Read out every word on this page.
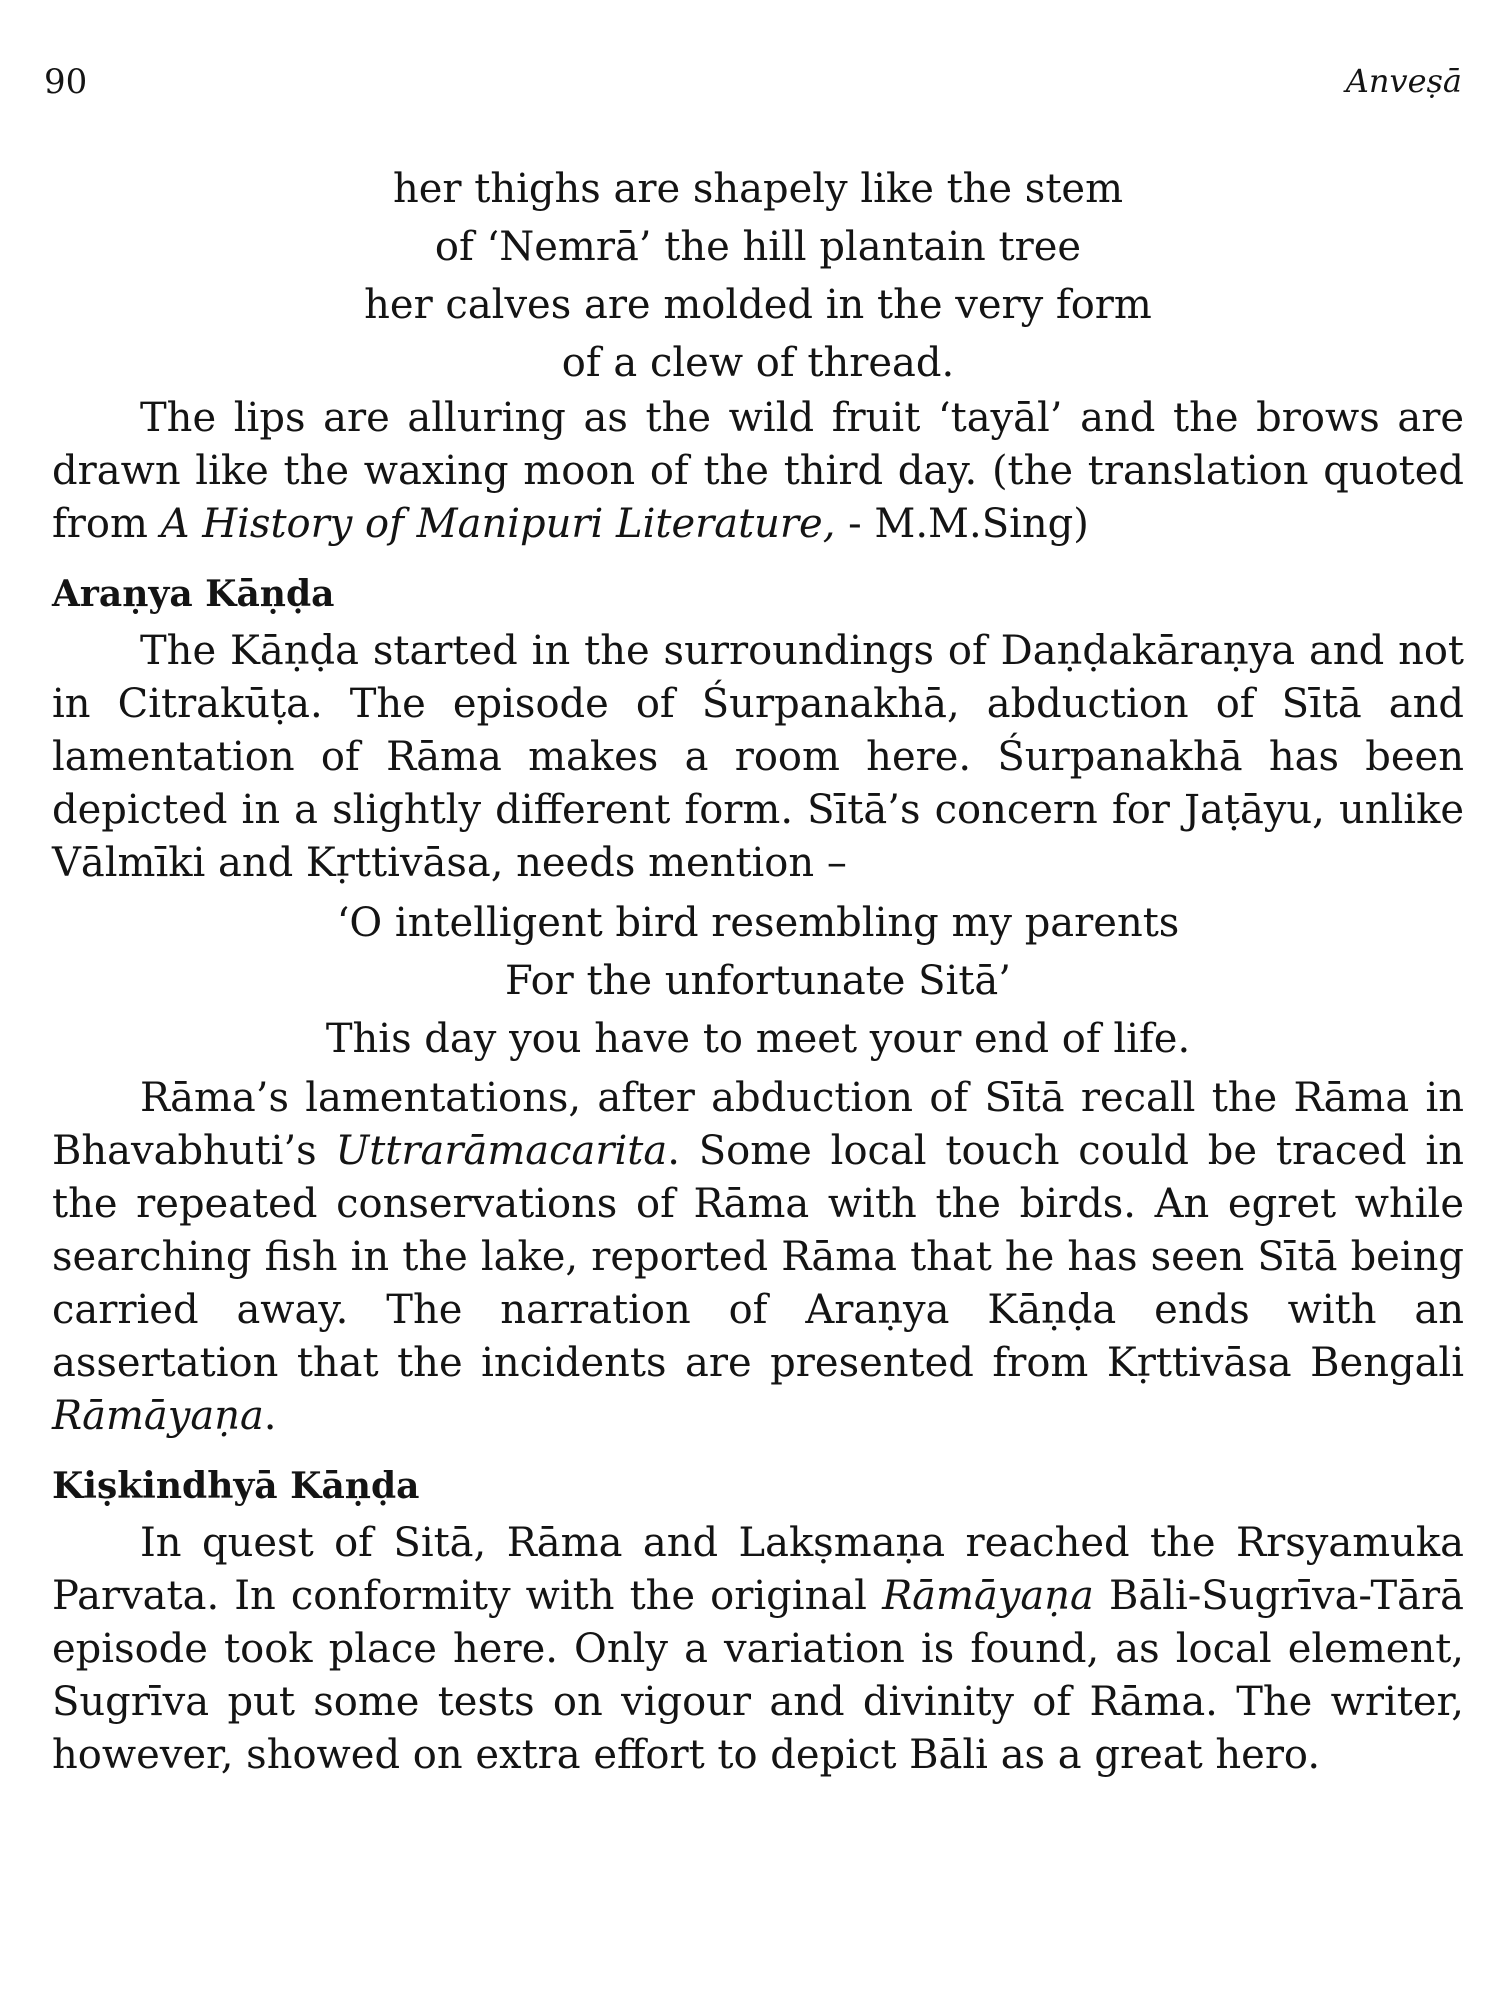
90	Anveṣā

her thighs are shapely like the stem
of ‘Nemrā’ the hill plantain tree
her calves are molded in the very form
of a clew of thread.

The lips are alluring as the wild fruit ‘tayāl’ and the brows are drawn like the waxing moon of the third day. (the translation quoted from A History of Manipuri Literature, - M.M.Sing)

Araṇya Kāṇḍa

The Kāṇḍa started in the surroundings of Daṇḍakāraṇya and not in Citrakūṭa. The episode of Śurpanakhā, abduction of Sītā and lamentation of Rāma makes a room here. Śurpanakhā has been depicted in a slightly different form. Sītā’s concern for Jaṭāyu, unlike Vālmīki and Kṛttivāsa, needs mention –

‘O intelligent bird resembling my parents
For the unfortunate Sitā’
This day you have to meet your end of life.

Rāma’s lamentations, after abduction of Sītā recall the Rāma in Bhavabhuti’s Uttrarāmacarita. Some local touch could be traced in the repeated conservations of Rāma with the birds. An egret while searching fish in the lake, reported Rāma that he has seen Sītā being carried away. The narration of Araṇya Kāṇḍa ends with an assertation that the incidents are presented from Kṛttivāsa Bengali Rāmāyaṇa.

Kiṣkindhyā Kāṇḍa

In quest of Sitā, Rāma and Lakṣmaṇa reached the Rrsyamuka Parvata. In conformity with the original Rāmāyaṇa Bāli-Sugrīva-Tārā episode took place here. Only a variation is found, as local element, Sugrīva put some tests on vigour and divinity of Rāma. The writer, however, showed on extra effort to depict Bāli as a great hero.
